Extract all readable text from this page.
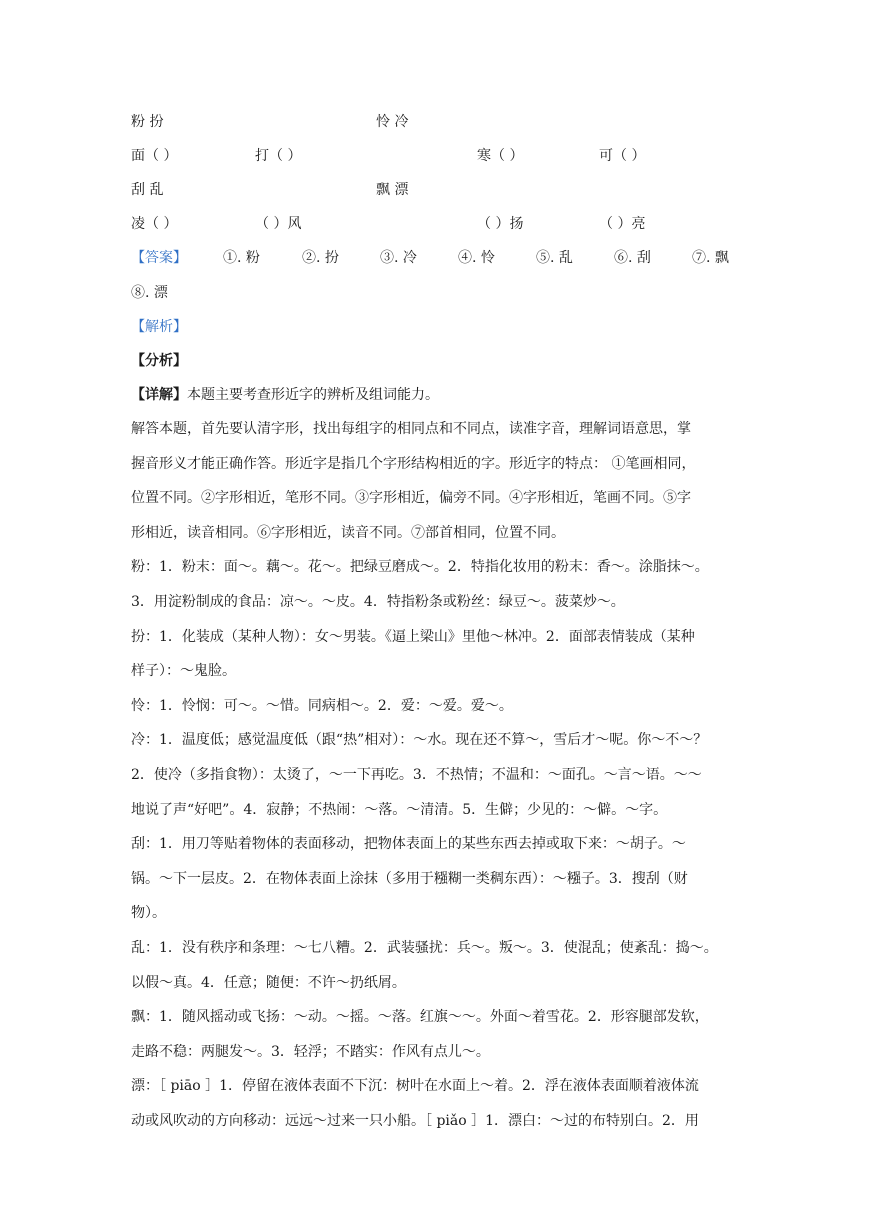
粉 扮	怜 冷
面（ ）	打（ ）	寒（ ）	可（ ）
刮 乱	飘 漂
凌（ ）	（ ）风	（ ）扬	（ ）亮
【答案】	①. 粉	②. 扮	③. 冷	④. 怜	⑤. 乱	⑥. 刮	⑦. 飘
⑧. 漂
【解析】
【分析】
【详解】本题主要考查形近字的辨析及组词能力。
解答本题，首先要认清字形，找出每组字的相同点和不同点，读准字音，理解词语意思，掌
握音形义才能正确作答。形近字是指几个字形结构相近的字。形近字的特点： ①笔画相同，
位置不同。②字形相近，笔形不同。③字形相近，偏旁不同。④字形相近，笔画不同。⑤字
形相近，读音相同。⑥字形相近，读音不同。⑦部首相同，位置不同。
粉：1．粉末：面～。藕～。花～。把绿豆磨成～。2．特指化妆用的粉末：香～。涂脂抹～。
3．用淀粉制成的食品：凉～。～皮。4．特指粉条或粉丝：绿豆～。菠菜炒～。
扮：1．化装成（某种人物）：女～男装。《逼上梁山》里他～林冲。2．面部表情装成（某种
样子）：～鬼脸。
怜：1．怜悯：可～。～惜。同病相～。2．爱：～爱。爱～。
冷：1．温度低；感觉温度低（跟“热”相对）：～水。现在还不算～，雪后才～呢。你～不～？
2．使冷（多指食物）：太烫了，～一下再吃。3．不热情；不温和：～面孔。～言～语。～～
地说了声“好吧”。4．寂静；不热闹：～落。～清清。5．生僻；少见的：～僻。～字。
刮：1．用刀等贴着物体的表面移动，把物体表面上的某些东西去掉或取下来：～胡子。～
锅。～下一层皮。2．在物体表面上涂抹（多用于糨糊一类稠东西）：～糨子。3．搜刮（财
物）。
乱：1．没有秩序和条理：～七八糟。2．武装骚扰：兵～。叛～。3．使混乱；使紊乱：捣～。
以假～真。4．任意；随便：不许～扔纸屑。
飘：1．随风摇动或飞扬：～动。～摇。～落。红旗～～。外面～着雪花。2．形容腿部发软，
走路不稳：两腿发～。3．轻浮；不踏实：作风有点儿～。
漂：［ piāo ］1．停留在液体表面不下沉：树叶在水面上～着。2．浮在液体表面顺着液体流
动或风吹动的方向移动：远远～过来一只小船。［ piǎo ］1．漂白：～过的布特别白。2．用
